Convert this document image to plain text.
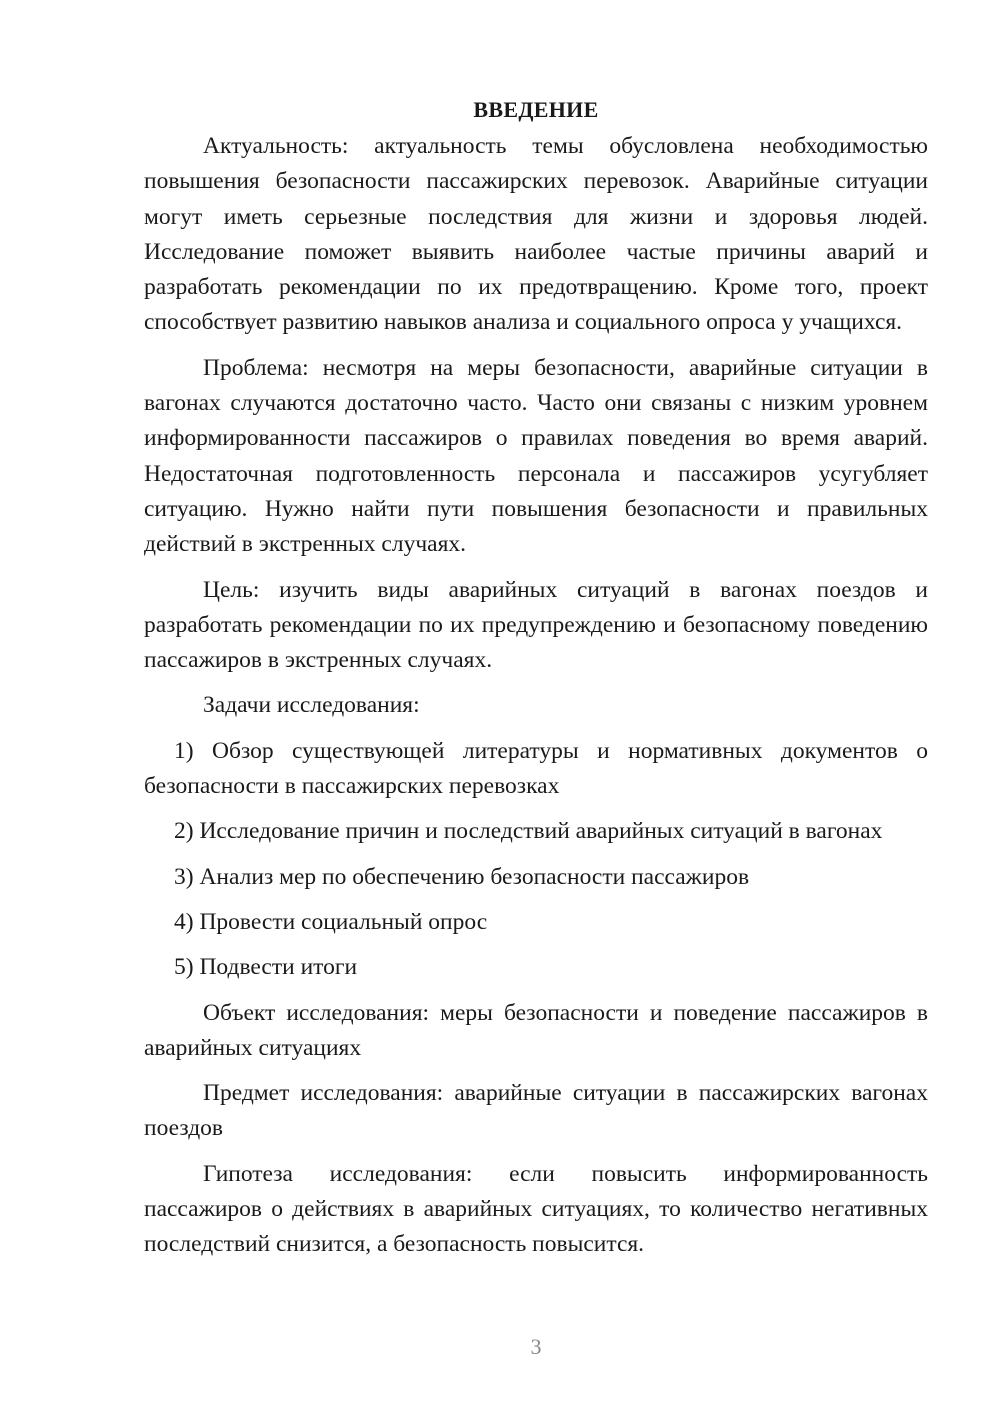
ВВЕДЕНИЕ

Актуальность: актуальность темы обусловлена необходимостью повышения безопасности пассажирских перевозок. Аварийные ситуации могут иметь серьезные последствия для жизни и здоровья людей. Исследование поможет выявить наиболее частые причины аварий и разработать рекомендации по их предотвращению. Кроме того, проект способствует развитию навыков анализа и социального опроса у учащихся.

Проблема: несмотря на меры безопасности, аварийные ситуации в вагонах случаются достаточно часто. Часто они связаны с низким уровнем информированности пассажиров о правилах поведения во время аварий. Недостаточная подготовленность персонала и пассажиров усугубляет ситуацию. Нужно найти пути повышения безопасности и правильных действий в экстренных случаях.

Цель: изучить виды аварийных ситуаций в вагонах поездов и разработать рекомендации по их предупреждению и безопасному поведению пассажиров в экстренных случаях.

Задачи исследования:

1) Обзор существующей литературы и нормативных документов о безопасности в пассажирских перевозках

2) Исследование причин и последствий аварийных ситуаций в вагонах

3) Анализ мер по обеспечению безопасности пассажиров

4) Провести социальный опрос

5) Подвести итоги

Объект исследования: меры безопасности и поведение пассажиров в аварийных ситуациях

Предмет исследования: аварийные ситуации в пассажирских вагонах поездов

Гипотеза исследования: если повысить информированность пассажиров о действиях в аварийных ситуациях, то количество негативных последствий снизится, а безопасность повысится.

3
